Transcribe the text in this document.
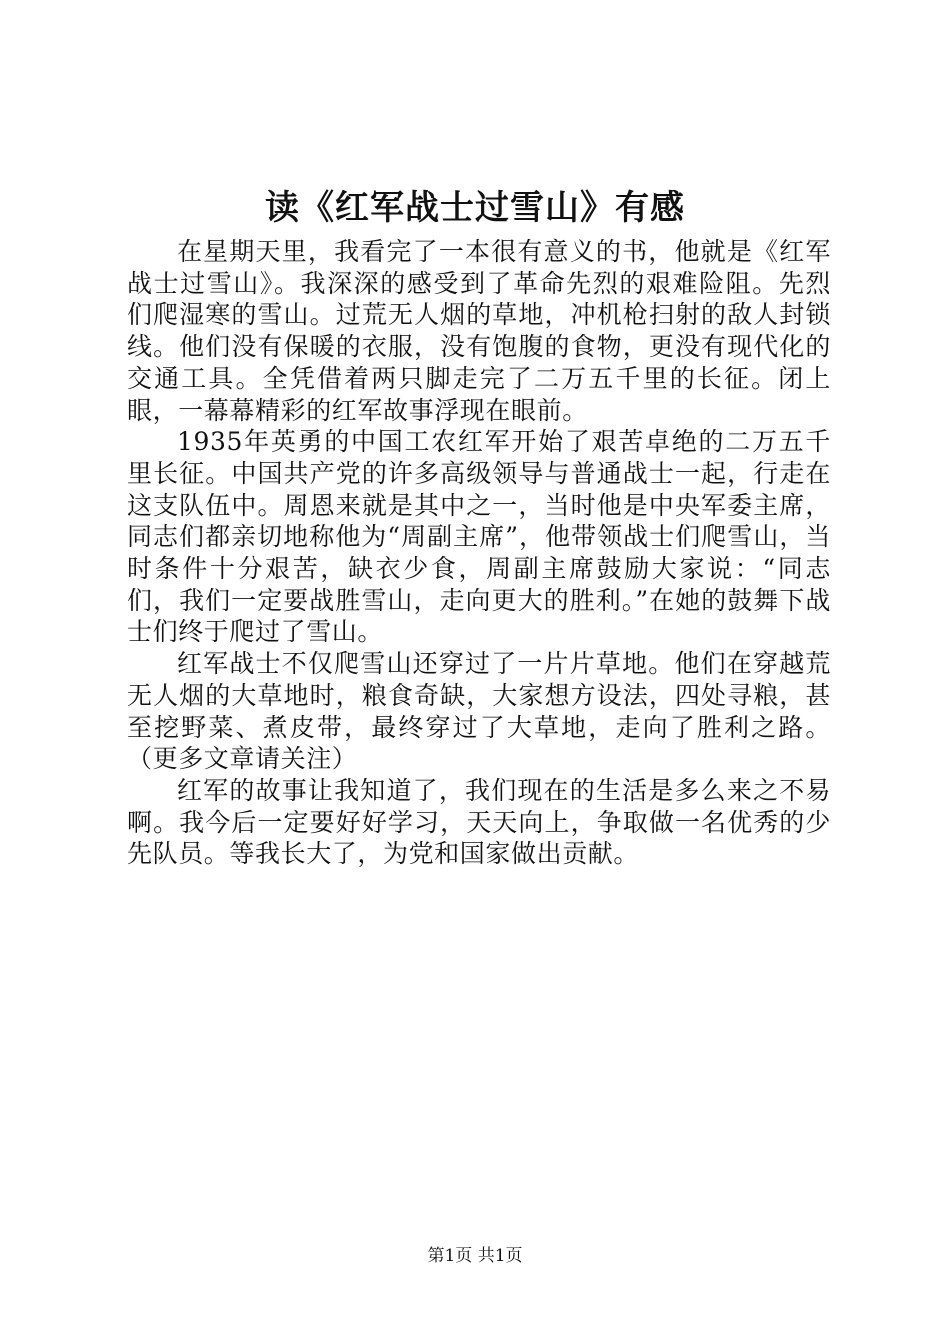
读《红军战士过雪山》有感

在星期天里，我看完了一本很有意义的书，他就是《红军战士过雪山》。我深深的感受到了革命先烈的艰难险阻。先烈们爬湿寒的雪山。过荒无人烟的草地，冲机枪扫射的敌人封锁线。他们没有保暖的衣服，没有饱腹的食物，更没有现代化的交通工具。全凭借着两只脚走完了二万五千里的长征。闭上眼，一幕幕精彩的红军故事浮现在眼前。

1935年英勇的中国工农红军开始了艰苦卓绝的二万五千里长征。中国共产党的许多高级领导与普通战士一起，行走在这支队伍中。周恩来就是其中之一，当时他是中央军委主席，同志们都亲切地称他为“周副主席”，他带领战士们爬雪山，当时条件十分艰苦，缺衣少食，周副主席鼓励大家说：“同志们，我们一定要战胜雪山，走向更大的胜利。”在她的鼓舞下战士们终于爬过了雪山。

红军战士不仅爬雪山还穿过了一片片草地。他们在穿越荒无人烟的大草地时，粮食奇缺，大家想方设法，四处寻粮，甚至挖野菜、煮皮带，最终穿过了大草地，走向了胜利之路。（更多文章请关注）

红军的故事让我知道了，我们现在的生活是多么来之不易啊。我今后一定要好好学习，天天向上，争取做一名优秀的少先队员。等我长大了，为党和国家做出贡献。

第1页 共1页
